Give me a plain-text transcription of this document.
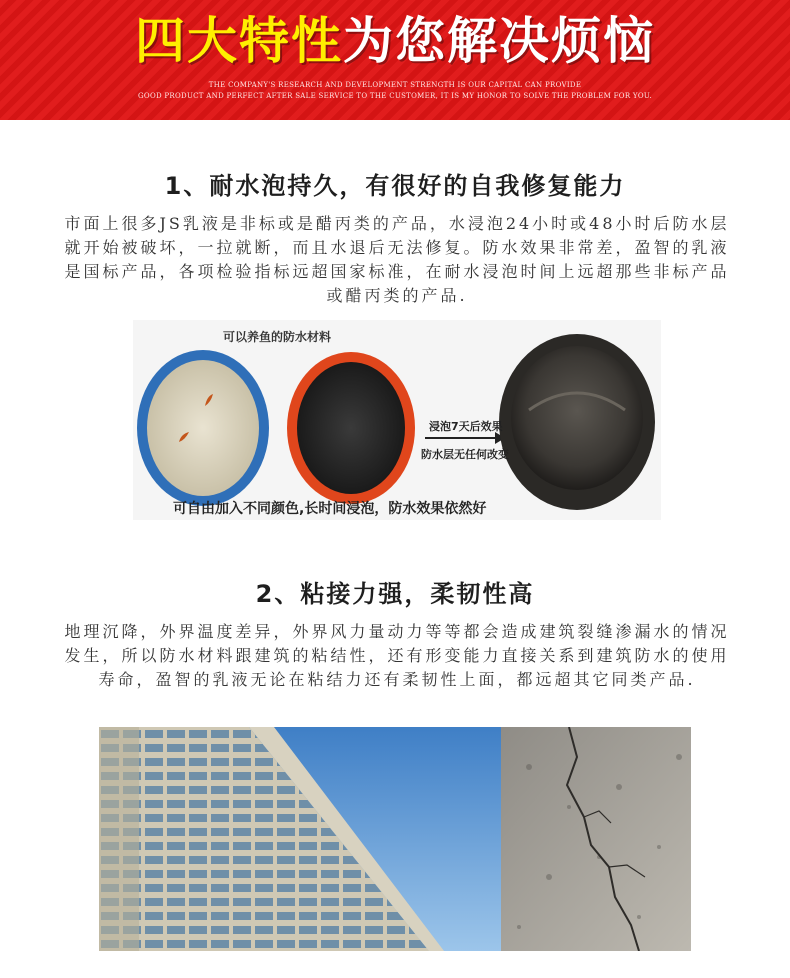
四大特性为您解决烦恼
THE COMPANY'S RESEARCH AND DEVELOPMENT STRENGTH IS OUR CAPITAL CAN PROVIDE
GOOD PRODUCT AND PERFECT AFTER SALE SERVICE TO THE CUSTOMER, IT IS MY HONOR TO SOLVE THE PROBLEM FOR YOU.
1、耐水泡持久，有很好的自我修复能力

市面上很多JS乳液是非标或是醋丙类的产品，水浸泡24小时或48小时后防水层就开始被破坏，一拉就断，而且水退后无法修复。防水效果非常差，盈智的乳液是国标产品，各项检验指标远超国家标准，在耐水浸泡时间上远超那些非标产品或醋丙类的产品.

可以养鱼的防水材料
浸泡7天后效果
防水层无任何改变
可自由加入不同颜色,长时间浸泡，防水效果依然好
2、粘接力强，柔韧性高

地理沉降，外界温度差异，外界风力量动力等等都会造成建筑裂缝渗漏水的情况发生，所以防水材料跟建筑的粘结性，还有形变能力直接关系到建筑防水的使用寿命，盈智的乳液无论在粘结力还有柔韧性上面，都远超其它同类产品.
